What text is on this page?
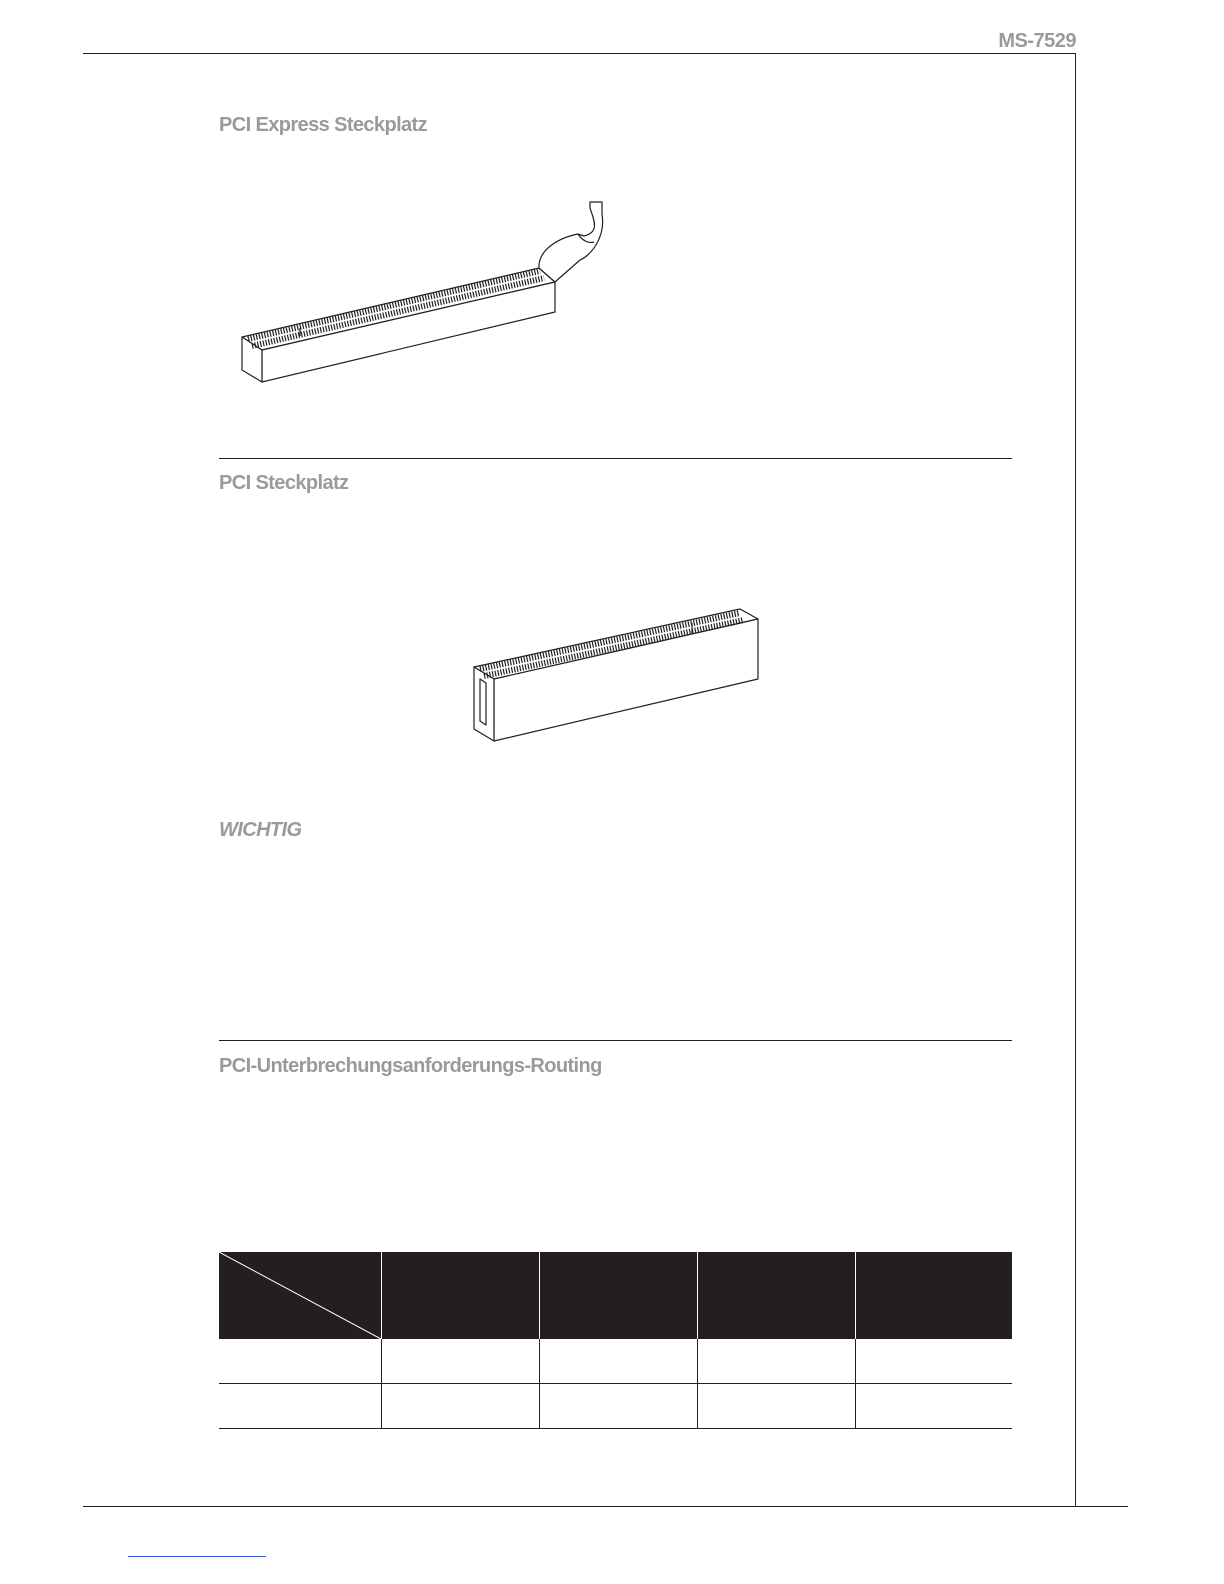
MS-7529
PCI Express Steckplatz
PCI Steckplatz
WICHTIG
PCI-Unterbrechungsanforderungs-Routing
